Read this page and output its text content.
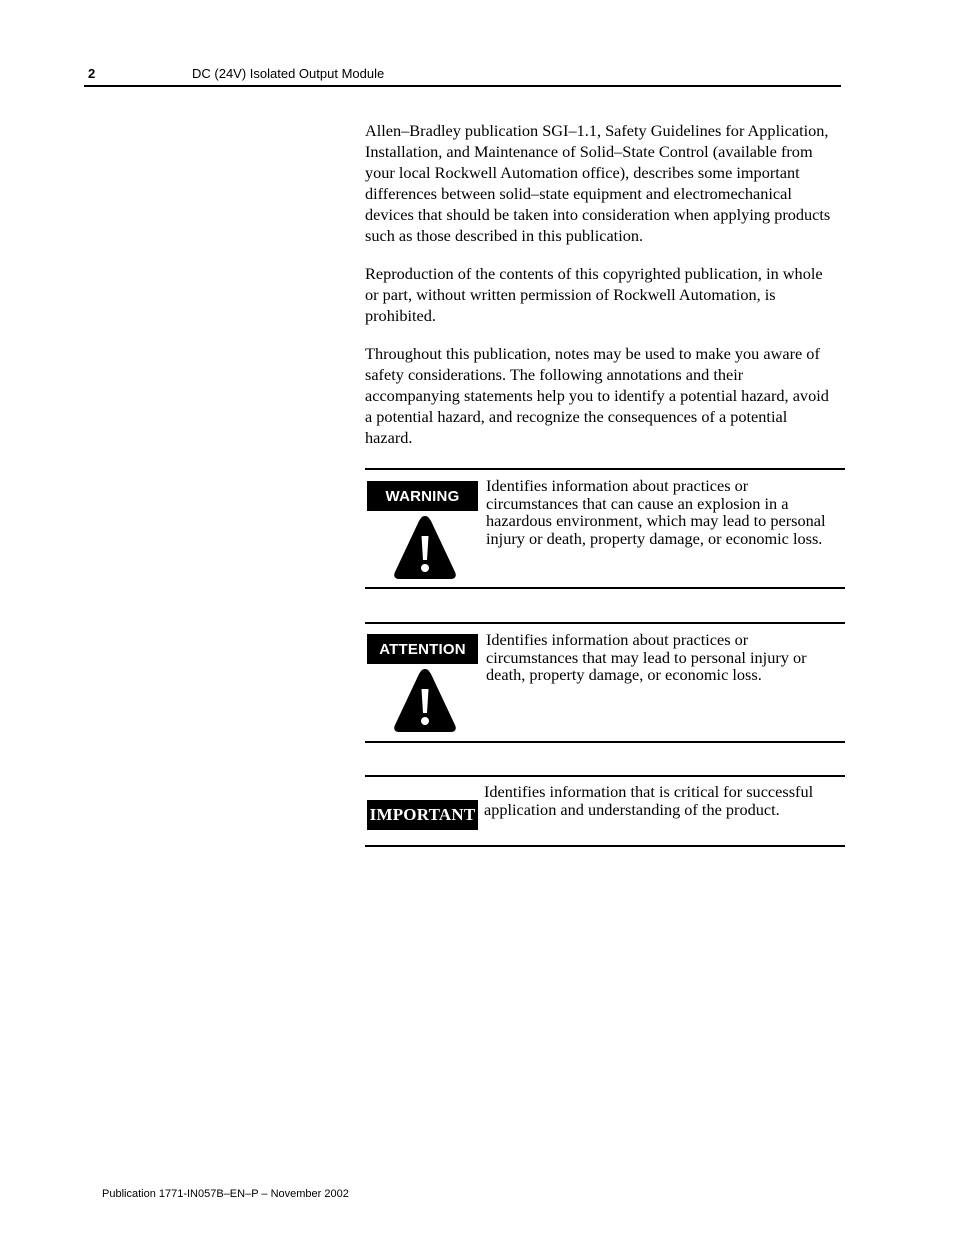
2	DC (24V) Isolated Output Module

Allen–Bradley publication SGI–1.1, Safety Guidelines for Application, Installation, and Maintenance of Solid–State Control (available from your local Rockwell Automation office), describes some important differences between solid–state equipment and electromechanical devices that should be taken into consideration when applying products such as those described in this publication.

Reproduction of the contents of this copyrighted publication, in whole or part, without written permission of Rockwell Automation, is prohibited.

Throughout this publication, notes may be used to make you aware of safety considerations. The following annotations and their accompanying statements help you to identify a potential hazard, avoid a potential hazard, and recognize the consequences of a potential hazard.

WARNING

Identifies information about practices or circumstances that can cause an explosion in a hazardous environment, which may lead to personal injury or death, property damage, or economic loss.

ATTENTION	Identifies information about practices or circumstances that may lead to personal injury or death, property damage, or economic loss.

IMPORTANT

Identifies information that is critical for successful application and understanding of the product.

Publication 1771-IN057B–EN–P – November 2002
